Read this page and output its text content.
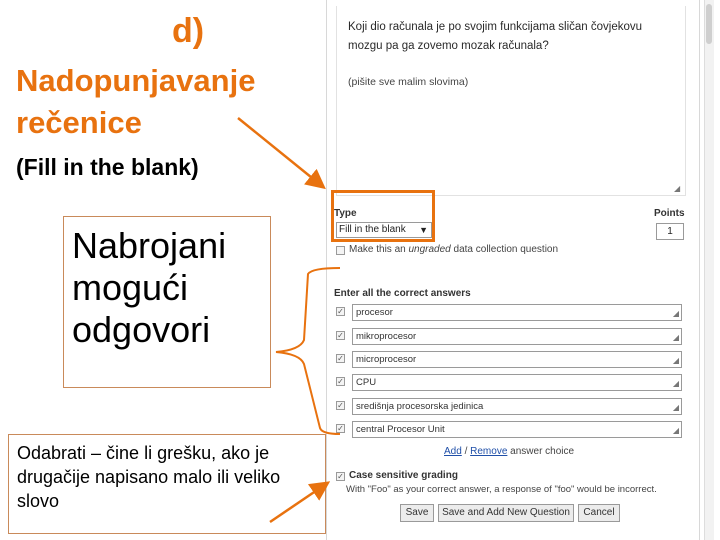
d)
Nadopunjavanje rečenice
(Fill in the blank)
Nabrojani mogući odgovori
Odabrati – čine li grešku, ako je drugačije napisano malo ili veliko slovo
Koji dio računala je po svojim funkcijama sličan čovjekovu mozgu pa ga zovemo mozak računala?
(pišite sve malim slovima)
◢
Type	Points
Fill in the blank ▼	1
Make this an ungraded data collection question
Enter all the correct answers
✓	procesor	◢
✓	mikroprocesor	◢
✓	microprocesor	◢
✓	CPU	◢
✓	središnja procesorska jedinica	◢
✓	central Procesor Unit	◢
Add / Remove answer choice
✓ Case sensitive grading
With "Foo" as your correct answer, a response of "foo" would be incorrect.
Save	Save and Add New Question	Cancel
